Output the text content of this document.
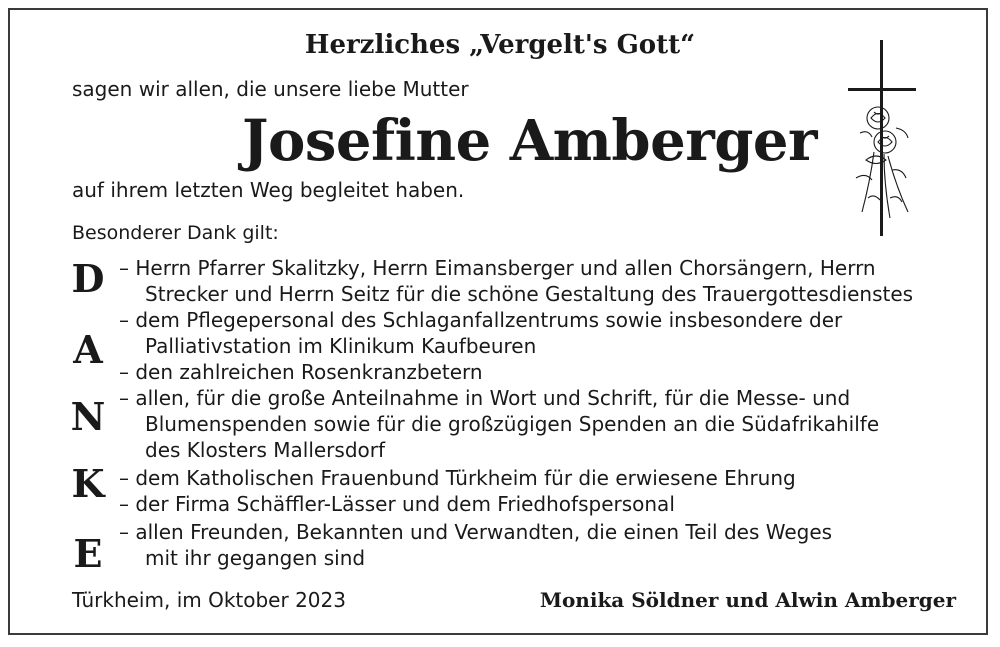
Herzliches „Vergelt's Gott“
sagen wir allen, die unsere liebe Mutter
Josefine Amberger
auf ihrem letzten Weg begleitet haben.
Besonderer Dank gilt:
D
A
N
K
E
– Herrn Pfarrer Skalitzky, Herrn Eimansberger und allen Chorsängern, Herrn
Strecker und Herrn Seitz für die schöne Gestaltung des Trauergottesdienstes
– dem Pflegepersonal des Schlaganfallzentrums sowie insbesondere der
Palliativstation im Klinikum Kaufbeuren
– den zahlreichen Rosenkranzbetern
– allen, für die große Anteilnahme in Wort und Schrift, für die Messe- und
Blumenspenden sowie für die großzügigen Spenden an die Südafrikahilfe
des Klosters Mallersdorf
– dem Katholischen Frauenbund Türkheim für die erwiesene Ehrung
– der Firma Schäffler-Lässer und dem Friedhofspersonal
– allen Freunden, Bekannten und Verwandten, die einen Teil des Weges
mit ihr gegangen sind
Türkheim, im Oktober 2023	Monika Söldner und Alwin Amberger
